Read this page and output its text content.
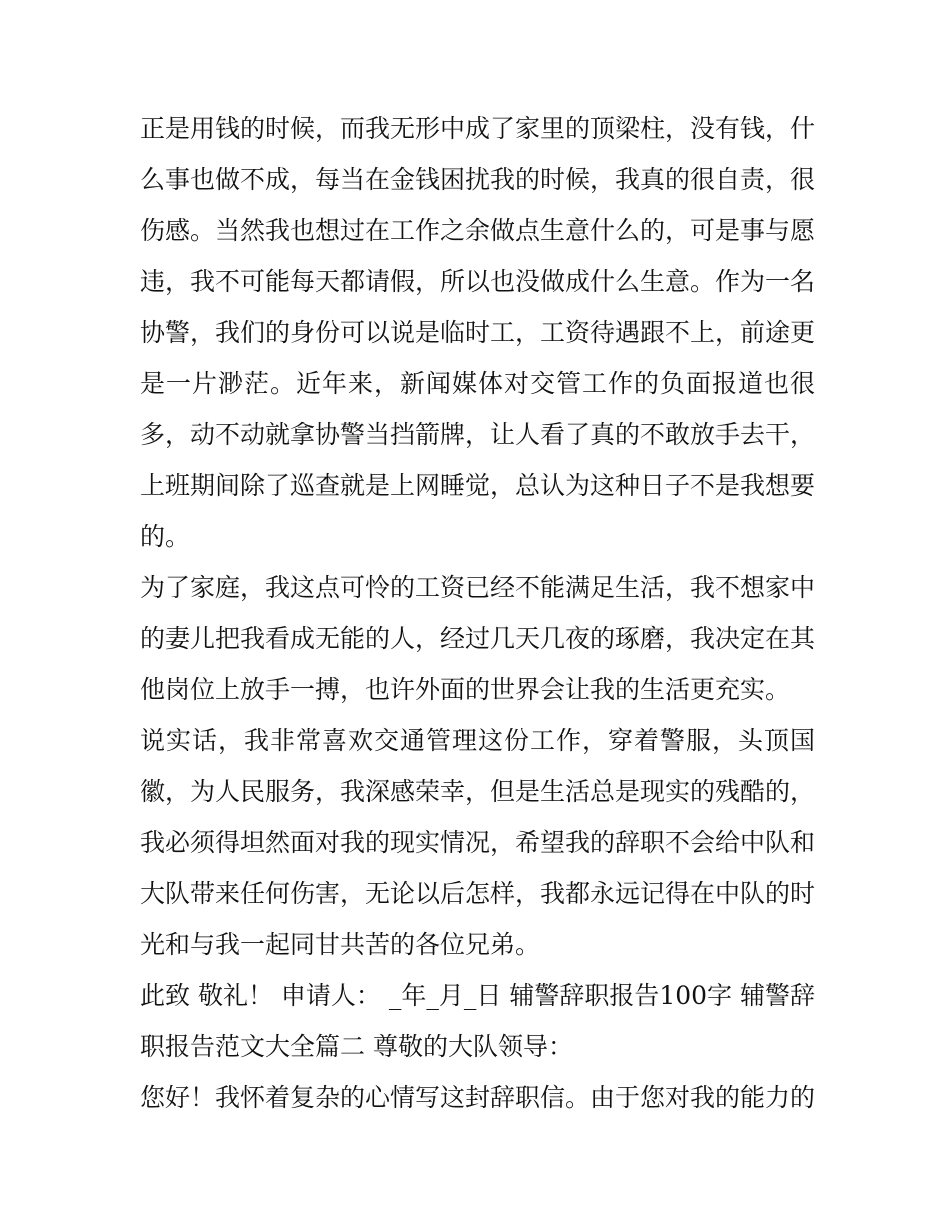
正是用钱的时候，而我无形中成了家里的顶梁柱，没有钱，什么事也做不成，每当在金钱困扰我的时候，我真的很自责，很伤感。当然我也想过在工作之余做点生意什么的，可是事与愿违，我不可能每天都请假，所以也没做成什么生意。作为一名协警，我们的身份可以说是临时工，工资待遇跟不上，前途更是一片渺茫。近年来，新闻媒体对交管工作的负面报道也很多，动不动就拿协警当挡箭牌，让人看了真的不敢放手去干，上班期间除了巡查就是上网睡觉，总认为这种日子不是我想要的。

为了家庭，我这点可怜的工资已经不能满足生活，我不想家中的妻儿把我看成无能的人，经过几天几夜的琢磨，我决定在其他岗位上放手一搏，也许外面的世界会让我的生活更充实。

说实话，我非常喜欢交通管理这份工作，穿着警服，头顶国徽，为人民服务，我深感荣幸，但是生活总是现实的残酷的，我必须得坦然面对我的现实情况，希望我的辞职不会给中队和大队带来任何伤害，无论以后怎样，我都永远记得在中队的时光和与我一起同甘共苦的各位兄弟。

此致 敬礼！ 申请人： _年_月_日 辅警辞职报告100字 辅警辞职报告范文大全篇二 尊敬的大队领导：

您好！我怀着复杂的心情写这封辞职信。由于您对我的能力的
